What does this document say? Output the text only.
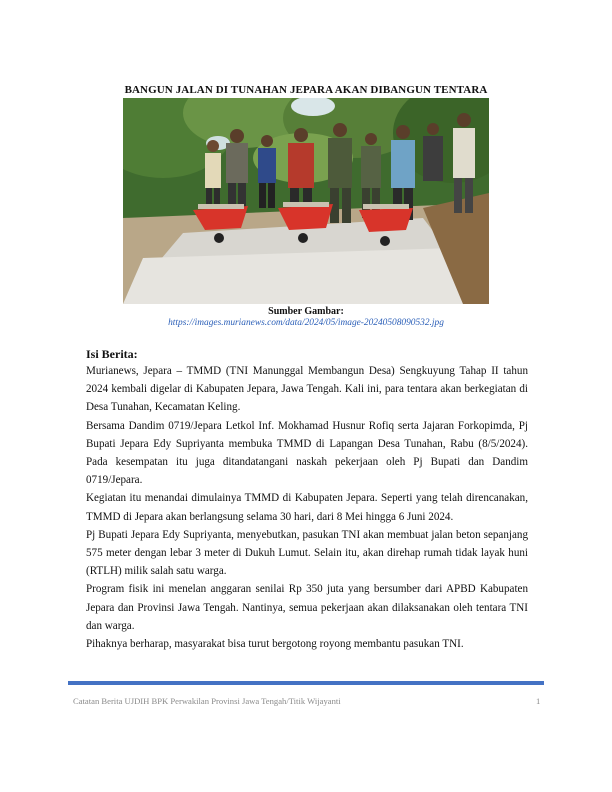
BANGUN JALAN DI TUNAHAN JEPARA AKAN DIBANGUN TENTARA
Sumber Gambar:
https://images.murianews.com/data/2024/05/image-20240508090532.jpg
Isi Berita:

Murianews, Jepara – TMMD (TNI Manunggal Membangun Desa) Sengkuyung Tahap II tahun 2024 kembali digelar di Kabupaten Jepara, Jawa Tengah. Kali ini, para tentara akan berkegiatan di Desa Tunahan, Kecamatan Keling.

Bersama Dandim 0719/Jepara Letkol Inf. Mokhamad Husnur Rofiq serta Jajaran Forkopimda, Pj Bupati Jepara Edy Supriyanta membuka TMMD di Lapangan Desa Tunahan, Rabu (8/5/2024). Pada kesempatan itu juga ditandatangani naskah pekerjaan oleh Pj Bupati dan Dandim 0719/Jepara.

Kegiatan itu menandai dimulainya TMMD di Kabupaten Jepara. Seperti yang telah direncanakan, TMMD di Jepara akan berlangsung selama 30 hari, dari 8 Mei hingga 6 Juni 2024.

Pj Bupati Jepara Edy Supriyanta, menyebutkan, pasukan TNI akan membuat jalan beton sepanjang 575 meter dengan lebar 3 meter di Dukuh Lumut. Selain itu, akan direhap rumah tidak layak huni (RTLH) milik salah satu warga.

Program fisik ini menelan anggaran senilai Rp 350 juta yang bersumber dari APBD Kabupaten Jepara dan Provinsi Jawa Tengah. Nantinya, semua pekerjaan akan dilaksanakan oleh tentara TNI dan warga.

Pihaknya berharap, masyarakat bisa turut bergotong royong membantu pasukan TNI.

Catatan Berita UJDIH BPK Perwakilan Provinsi Jawa Tengah/Titik Wijayanti	1
